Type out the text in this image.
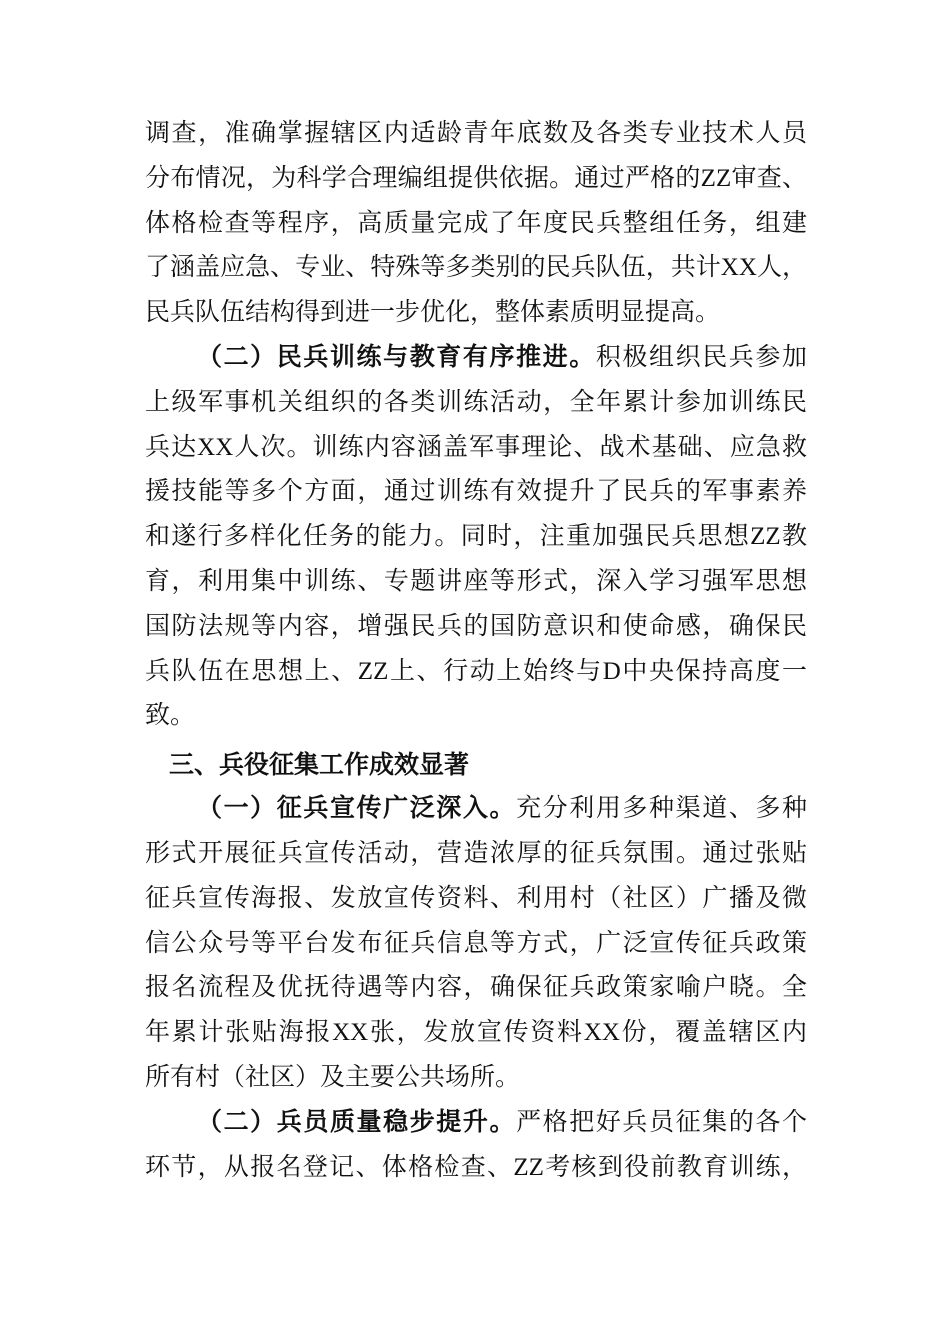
调查，准确掌握辖区内适龄青年底数及各类专业技术人员
分布情况，为科学合理编组提供依据。通过严格的ZZ审查、
体格检查等程序，高质量完成了年度民兵整组任务，组建
了涵盖应急、专业、特殊等多类别的民兵队伍，共计XX人，
民兵队伍结构得到进一步优化，整体素质明显提高。
（二）民兵训练与教育有序推进。积极组织民兵参加
上级军事机关组织的各类训练活动，全年累计参加训练民
兵达XX人次。训练内容涵盖军事理论、战术基础、应急救
援技能等多个方面，通过训练有效提升了民兵的军事素养
和遂行多样化任务的能力。同时，注重加强民兵思想ZZ教
育，利用集中训练、专题讲座等形式，深入学习强军思想
国防法规等内容，增强民兵的国防意识和使命感，确保民
兵队伍在思想上、ZZ上、行动上始终与D中央保持高度一
致。
三、兵役征集工作成效显著
（一）征兵宣传广泛深入。充分利用多种渠道、多种
形式开展征兵宣传活动，营造浓厚的征兵氛围。通过张贴
征兵宣传海报、发放宣传资料、利用村（社区）广播及微
信公众号等平台发布征兵信息等方式，广泛宣传征兵政策
报名流程及优抚待遇等内容，确保征兵政策家喻户晓。全
年累计张贴海报XX张，发放宣传资料XX份，覆盖辖区内
所有村（社区）及主要公共场所。
（二）兵员质量稳步提升。严格把好兵员征集的各个
环节，从报名登记、体格检查、ZZ考核到役前教育训练，
